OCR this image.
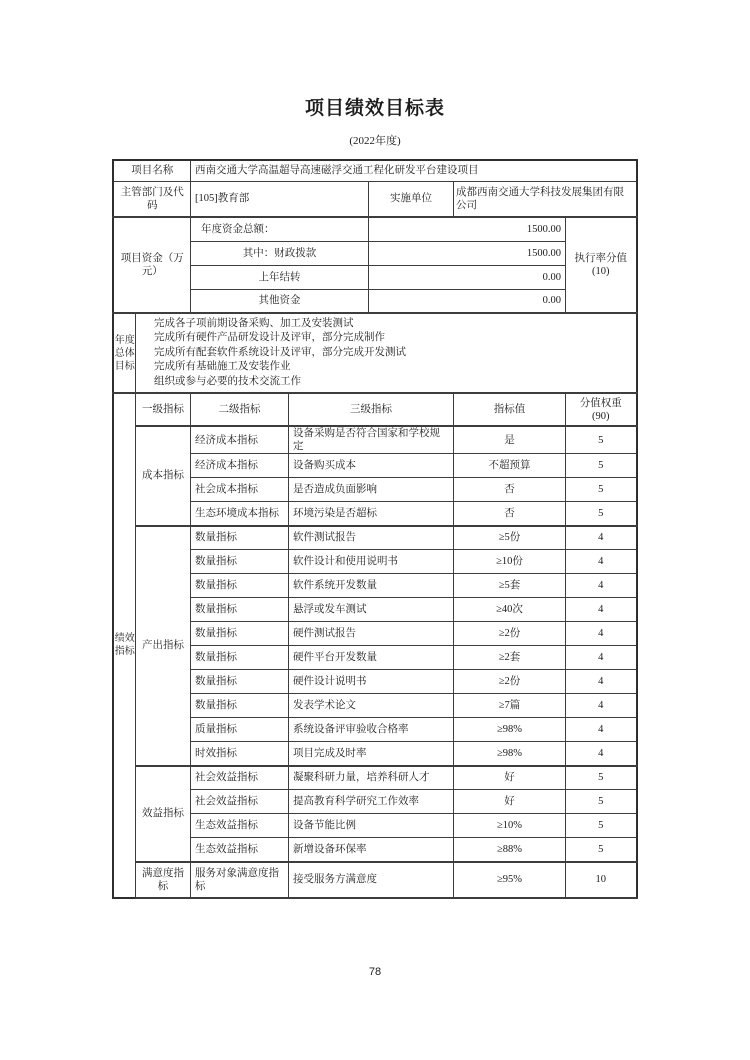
项目绩效目标表
(2022年度)
项目名称		西南交通大学高温超导高速磁浮交通工程化研发平台建设项目				
主管部门及代码		[105]教育部		实施单位	成都西南交通大学科技发展集团有限公司	
项目资金（万元）		年度资金总额：		1500.00		执行率分值
(10)

		其中：财政拨款		1500.00		
		上年结转		0.00		
		其他资金		0.00		

年度
总体
目标

完成各子项前期设备采购、加工及安装测试
完成所有硬件产品研发设计及评审，部分完成制作
完成所有配套软件系统设计及评审，部分完成开发测试
完成所有基础施工及安装作业
组织或参与必要的技术交流工作

绩效
指标
	一级指标	二级指标	三级指标	指标值	
分值权重
(90)

	成本指标	经济成本指标	设备采购是否符合国家和学校规定		是	5
		经济成本指标	设备购买成本		不超预算	5
		社会成本指标	是否造成负面影响		否	5
		生态环境成本指标	环境污染是否超标		否	5
	产出指标	数量指标	软件测试报告		≥5份	4
		数量指标	软件设计和使用说明书		≥10份	4
		数量指标	软件系统开发数量		≥5套	4
		数量指标	悬浮或发车测试		≥40次	4
		数量指标	硬件测试报告		≥2份	4
		数量指标	硬件平台开发数量		≥2套	4
		数量指标	硬件设计说明书		≥2份	4
		数量指标	发表学术论文		≥7篇	4
		质量指标	系统设备评审验收合格率		≥98%	4
		时效指标	项目完成及时率		≥98%	4
	效益指标	社会效益指标	凝聚科研力量，培养科研人才		好	5
		社会效益指标	提高教育科学研究工作效率		好	5
		生态效益指标	设备节能比例		≥10%	5
		生态效益指标	新增设备环保率		≥88%	5
	满意度指标	服务对象满意度指标	接受服务方满意度		≥95%	10
78
